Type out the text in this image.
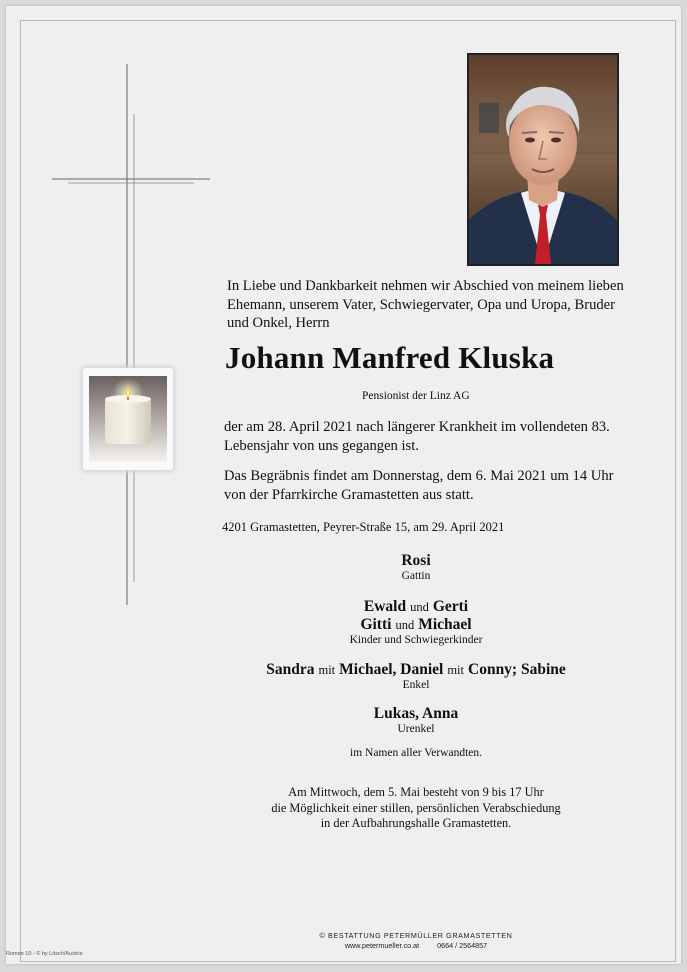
In Liebe und Dankbarkeit nehmen wir Abschied von meinem lieben Ehemann, unserem Vater, Schwiegervater, Opa und Uropa, Bruder und Onkel, Herrn
Johann Manfred Kluska
Pensionist der Linz AG
der am 28. April 2021 nach längerer Krankheit im vollendeten 83. Lebensjahr von uns gegangen ist.
Das Begräbnis findet am Donnerstag, dem 6. Mai 2021 um 14 Uhr von der Pfarrkirche Gramastetten aus statt.
4201 Gramastetten, Peyrer-Straße 15, am 29. April 2021
Rosi
Gattin
Ewald und Gerti
Gitti und Michael
Kinder und Schwiegerkinder
Sandra mit Michael, Daniel mit Conny; Sabine
Enkel
Lukas, Anna
Urenkel
im Namen aller Verwandten.
Am Mittwoch, dem 5. Mai besteht von 9 bis 17 Uhr
die Möglichkeit einer stillen, persönlichen Verabschiedung
in der Aufbahrungshalle Gramastetten.
© BESTATTUNG PETERMÜLLER GRAMASTETTEN
www.petermueller.co.at	0664 / 2564857
Roman 10 - © by Lösch/Austria
